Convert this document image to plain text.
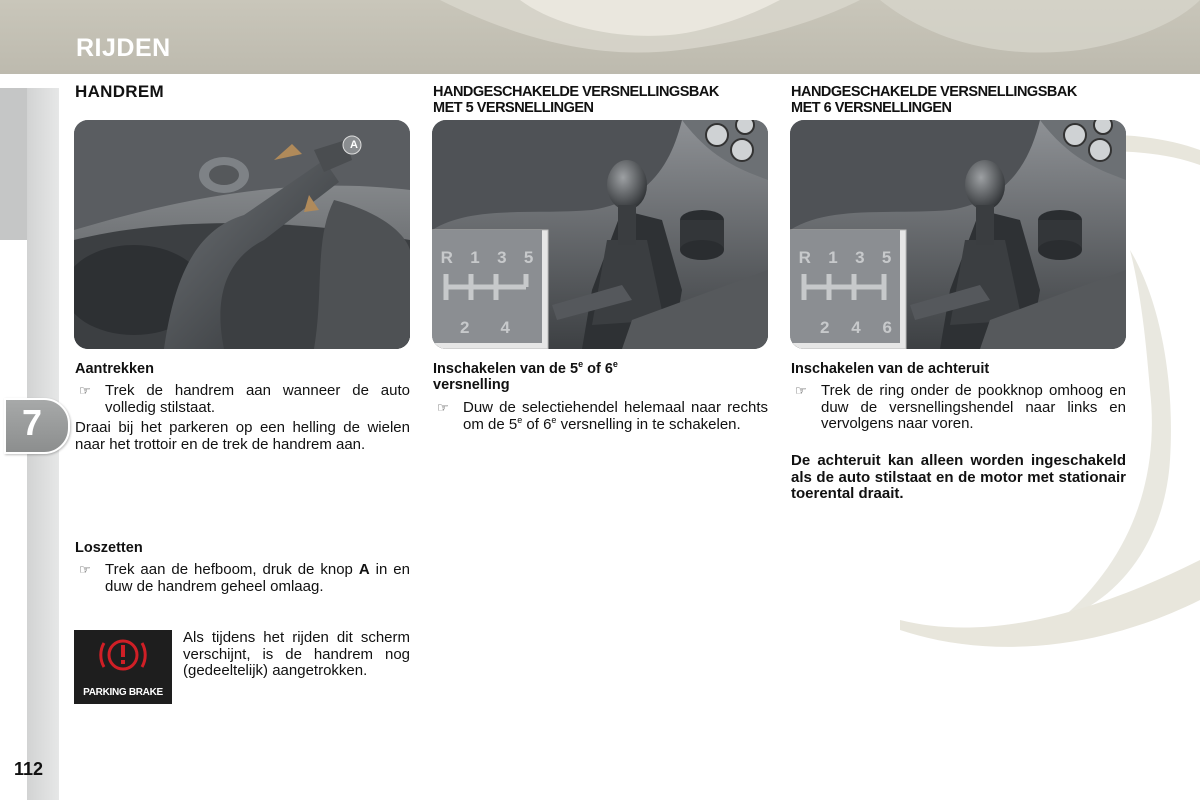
RIJDEN
7
112
HANDREM
A
Aantrekken
☞ Trek de handrem aan wanneer de auto volledig stilstaat.
Draai bij het parkeren op een helling de wielen naar het trottoir en de trek de handrem aan.
Loszetten
☞ Trek aan de hefboom, druk de knop A in en duw de handrem geheel omlaag.
PARKING BRAKE
Als tijdens het rijden dit scherm verschijnt, is de handrem nog (gedeeltelijk) aangetrokken.
HANDGESCHAKELDE VERSNELLINGSBAK
MET 5 VERSNELLINGEN
R 1 3 5
2 4
Inschakelen van de 5e of 6e
versnelling
☞ Duw de selectiehendel helemaal naar rechts om de 5e of 6e versnelling in te schakelen.
HANDGESCHAKELDE VERSNELLINGSBAK
MET 6 VERSNELLINGEN
R 1 3 5
2 4 6
Inschakelen van de achteruit
☞ Trek de ring onder de pookknop omhoog en duw de versnellingshendel naar links en vervolgens naar voren.
De achteruit kan alleen worden ingeschakeld als de auto stilstaat en de motor met stationair toerental draait.
